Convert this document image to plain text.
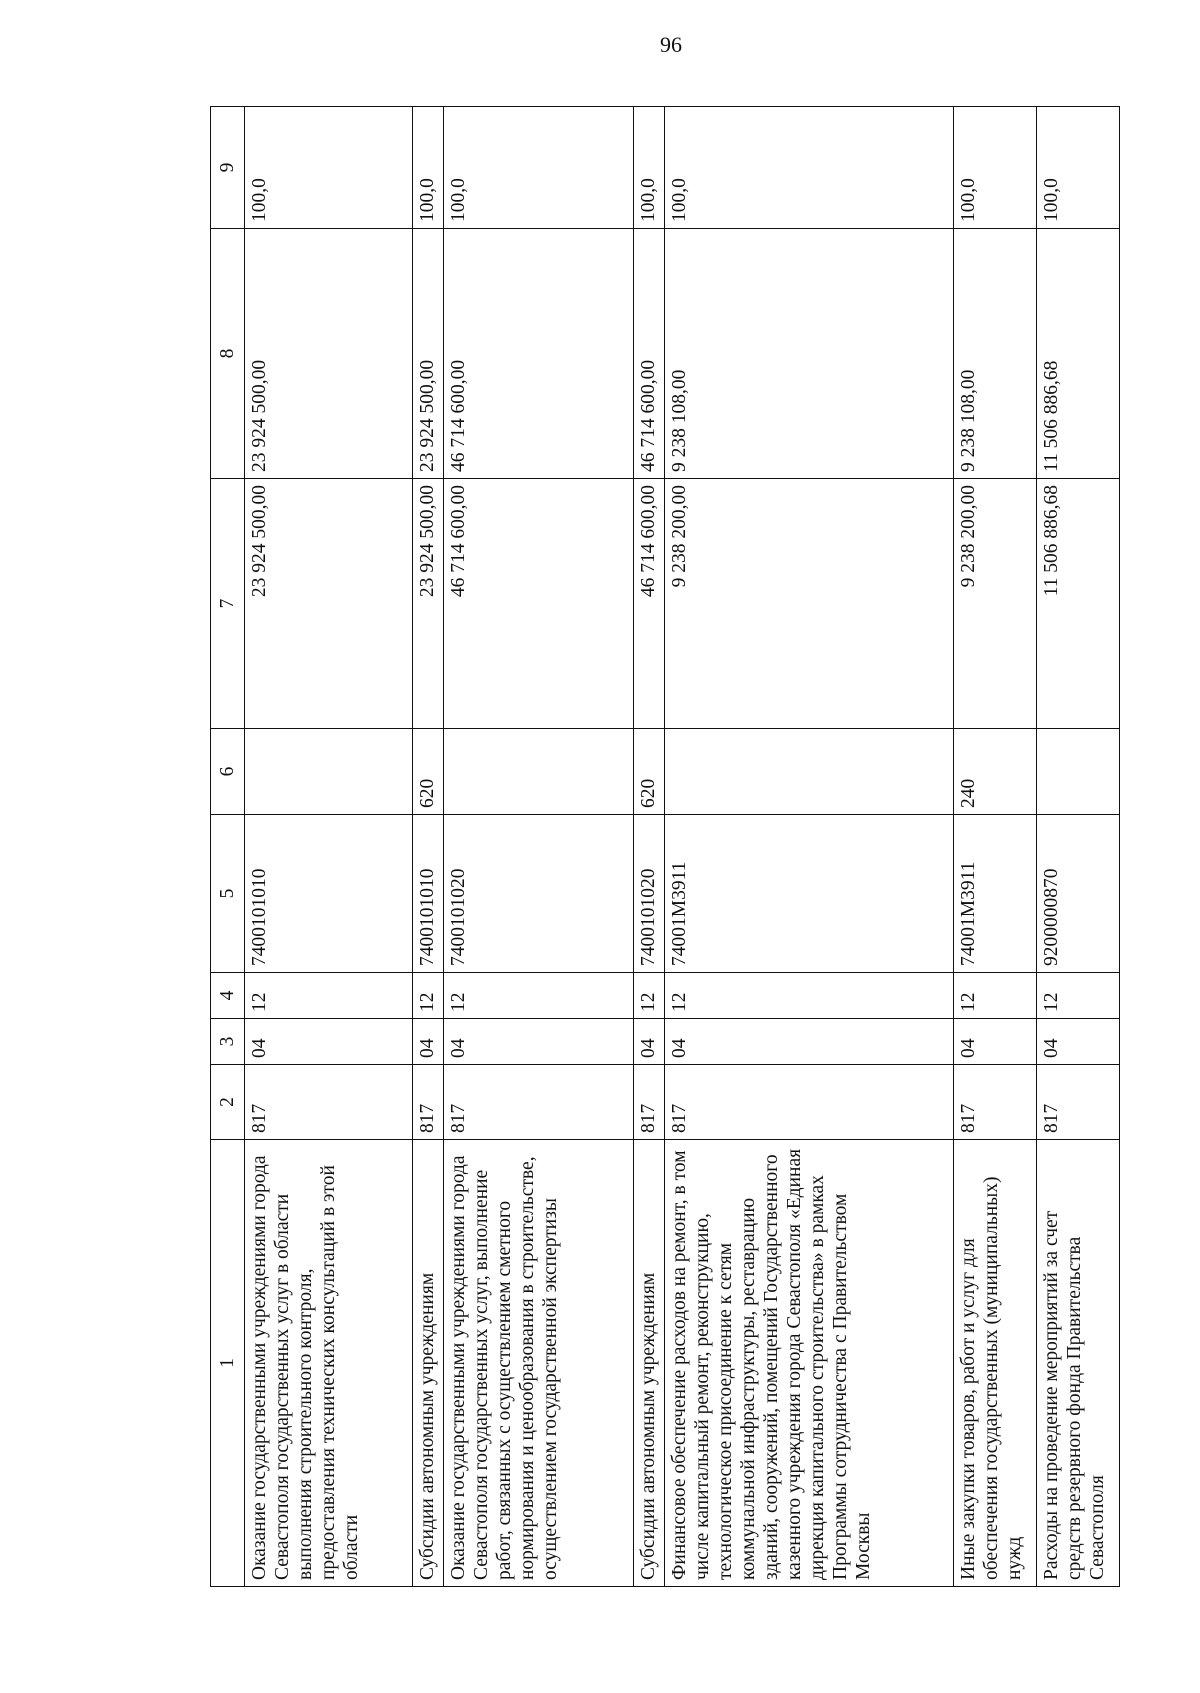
96
1	2	3	4	5	6	7	8	9
Оказание государственными учреждениями города Севастополя государственных услуг в области выполнения строительного контроля, предоставления технических консультаций в этой области	817	04	12	7400101010		23 924 500,00	23 924 500,00	100,0
Субсидии автономным учреждениям	817	04	12	7400101010	620	23 924 500,00	23 924 500,00	100,0
Оказание государственными учреждениями города Севастополя государственных услуг, выполнение работ, связанных с осуществлением сметного нормирования и ценообразования в строительстве, осуществлением государственной экспертизы	817	04	12	7400101020		46 714 600,00	46 714 600,00	100,0
Субсидии автономным учреждениям	817	04	12	7400101020	620	46 714 600,00	46 714 600,00	100,0
Финансовое обеспечение расходов на ремонт, в том числе капитальный ремонт, реконструкцию, технологическое присоединение к сетям коммунальной инфраструктуры, реставрацию зданий, сооружений, помещений Государственного казенного учреждения города Севастополя «Единая дирекция капитального строительства» в рамках Программы сотрудничества с Правительством Москвы	817	04	12	74001М3911		9 238 200,00	9 238 108,00	100,0
Иные закупки товаров, работ и услуг для обеспечения государственных (муниципальных) нужд	817	04	12	74001М3911	240	9 238 200,00	9 238 108,00	100,0
Расходы на проведение мероприятий за счет средств резервного фонда Правительства Севастополя	817	04	12	9200000870		11 506 886,68	11 506 886,68	100,0
